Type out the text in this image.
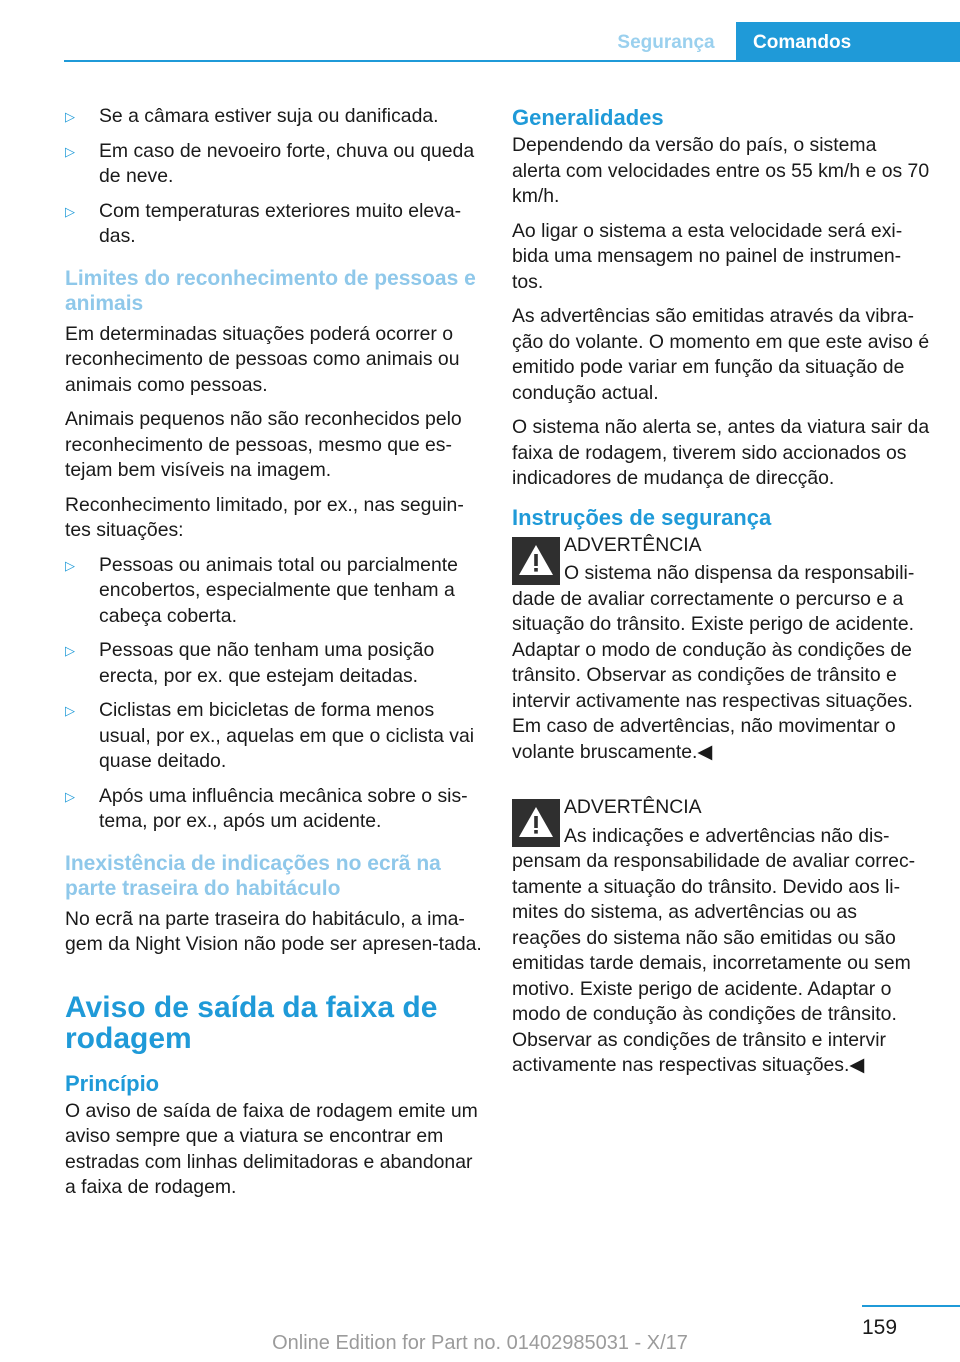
Segurança	Comandos
▷ Se a câmara estiver suja ou danificada.
▷ Em caso de nevoeiro forte, chuva ou queda de neve.
▷ Com temperaturas exteriores muito eleva‐das.
Limites do reconhecimento de pessoas e animais

Em determinadas situações poderá ocorrer o reconhecimento de pessoas como animais ou animais como pessoas.

Animais pequenos não são reconhecidos pelo reconhecimento de pessoas, mesmo que es‐tejam bem visíveis na imagem.

Reconhecimento limitado, por ex., nas seguin‐tes situações:

▷ Pessoas ou animais total ou parcialmente encobertos, especialmente que tenham a cabeça coberta.
▷ Pessoas que não tenham uma posição erecta, por ex. que estejam deitadas.
▷ Ciclistas em bicicletas de forma menos usual, por ex., aquelas em que o ciclista vai quase deitado.
▷ Após uma influência mecânica sobre o sis‐tema, por ex., após um acidente.
Inexistência de indicações no ecrã na parte traseira do habitáculo

No ecrã na parte traseira do habitáculo, a ima‐gem da Night Vision não pode ser apresen‐tada.

Aviso de saída da faixa de rodagem
Princípio

O aviso de saída de faixa de rodagem emite um aviso sempre que a viatura se encontrar em estradas com linhas delimitadoras e abandonar a faixa de rodagem.

Generalidades

Dependendo da versão do país, o sistema alerta com velocidades entre os 55 km/h e os 70 km/h.

Ao ligar o sistema a esta velocidade será exi‐bida uma mensagem no painel de instrumen‐tos.

As advertências são emitidas através da vibra‐ção do volante. O momento em que este aviso é emitido pode variar em função da situação de condução actual.

O sistema não alerta se, antes da viatura sair da faixa de rodagem, tiverem sido accionados os indicadores de mudança de direcção.

Instruções de segurança
ADVERTÊNCIA
O sistema não dispensa da responsabili‐dade de avaliar correctamente o percurso e a situação do trânsito. Existe perigo de acidente. Adaptar o modo de condução às condições de trânsito. Observar as condições de trânsito e intervir activamente nas respectivas situações. Em caso de advertências, não movimentar o volante bruscamente.◀
ADVERTÊNCIA
As indicações e advertências não dis‐pensam da responsabilidade de avaliar correc‐tamente a situação do trânsito. Devido aos li‐mites do sistema, as advertências ou as reações do sistema não são emitidas ou são emitidas tarde demais, incorretamente ou sem motivo. Existe perigo de acidente. Adaptar o modo de condução às condições de trânsito. Observar as condições de trânsito e intervir activamente nas respectivas situações.◀
159
Online Edition for Part no. 01402985031 - X/17
